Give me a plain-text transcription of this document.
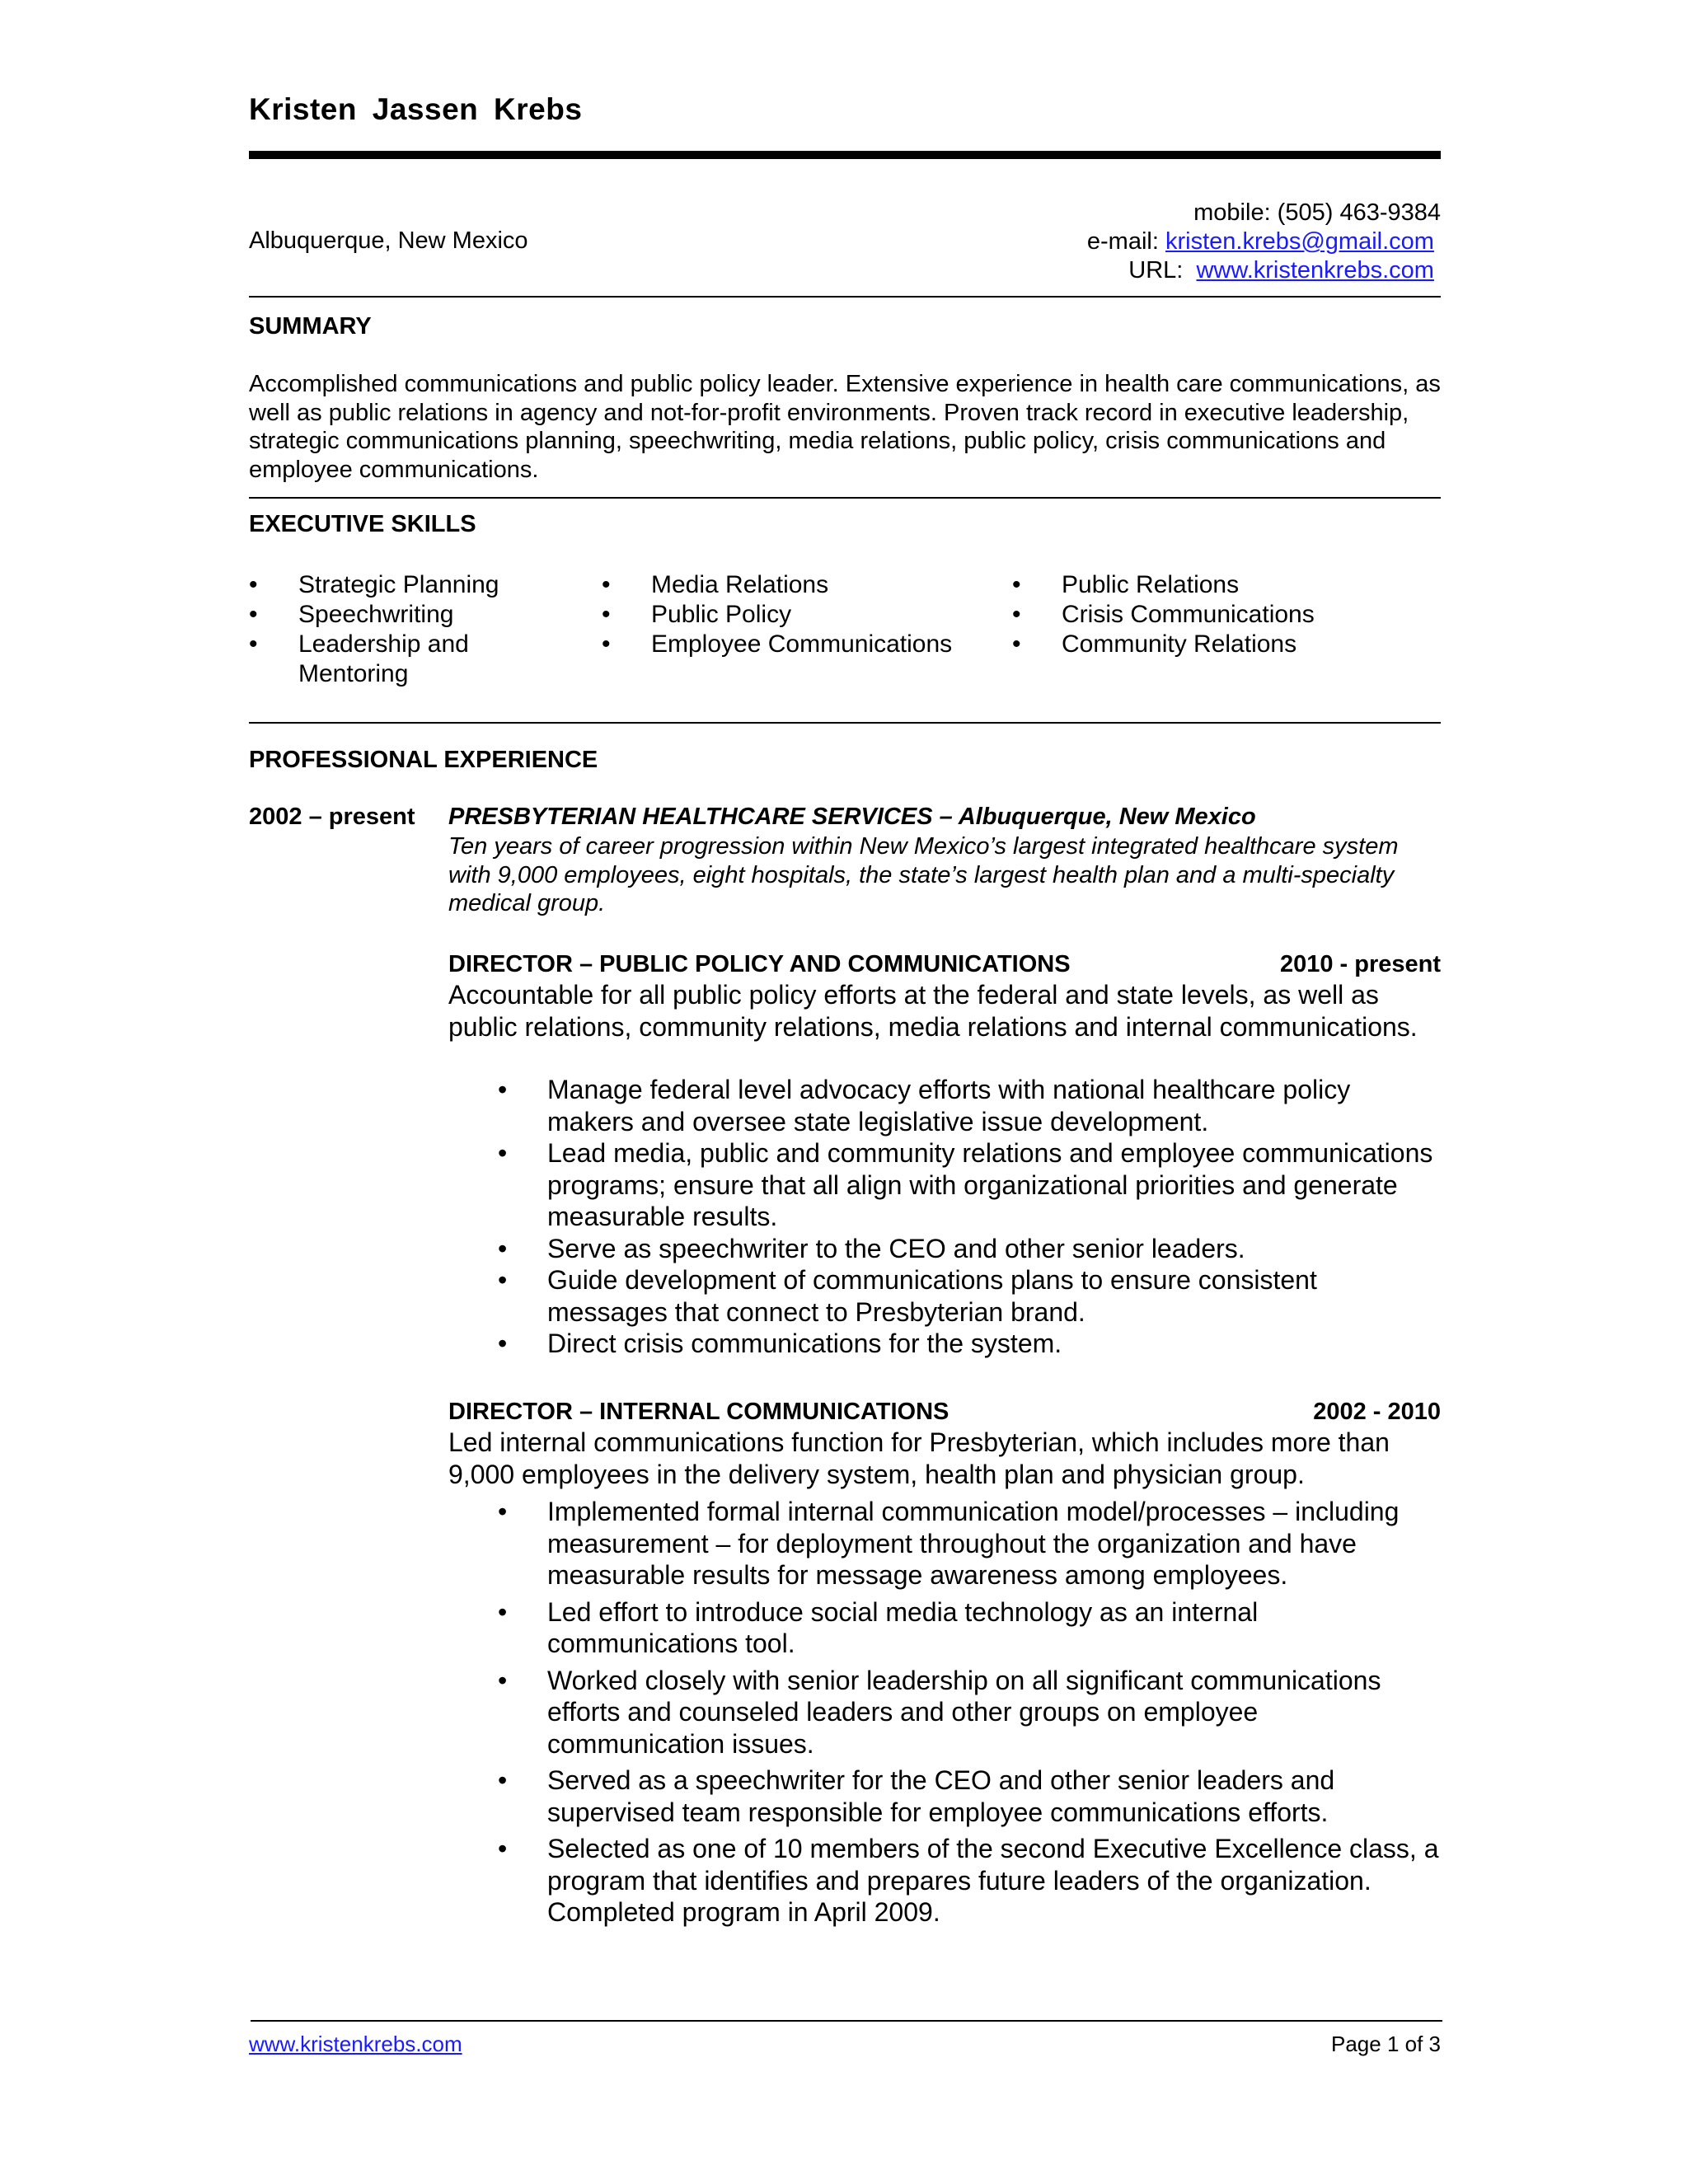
Kristen Jassen Krebs
Albuquerque, New Mexico
mobile: (505) 463-9384
e-mail: kristen.krebs@gmail.com
URL: www.kristenkrebs.com
SUMMARY
Accomplished communications and public policy leader. Extensive experience in health care communications, as well as public relations in agency and not-for-profit environments. Proven track record in executive leadership, strategic communications planning, speechwriting, media relations, public policy, crisis communications and employee communications.
EXECUTIVE SKILLS
• Strategic Planning
• Speechwriting
• Leadership and Mentoring
• Media Relations
• Public Policy
• Employee Communications
• Public Relations
• Crisis Communications
• Community Relations
PROFESSIONAL EXPERIENCE
2002 – present PRESBYTERIAN HEALTHCARE SERVICES – Albuquerque, New Mexico
Ten years of career progression within New Mexico’s largest integrated healthcare system with 9,000 employees, eight hospitals, the state’s largest health plan and a multi-specialty medical group.
DIRECTOR – PUBLIC POLICY AND COMMUNICATIONS	2010 - present
Accountable for all public policy efforts at the federal and state levels, as well as public relations, community relations, media relations and internal communications.
• Manage federal level advocacy efforts with national healthcare policy makers and oversee state legislative issue development.
• Lead media, public and community relations and employee communications programs; ensure that all align with organizational priorities and generate measurable results.
• Serve as speechwriter to the CEO and other senior leaders.
• Guide development of communications plans to ensure consistent messages that connect to Presbyterian brand.
• Direct crisis communications for the system.
DIRECTOR – INTERNAL COMMUNICATIONS	2002 - 2010
Led internal communications function for Presbyterian, which includes more than 9,000 employees in the delivery system, health plan and physician group.
• Implemented formal internal communication model/processes – including measurement – for deployment throughout the organization and have measurable results for message awareness among employees.
• Led effort to introduce social media technology as an internal communications tool.
• Worked closely with senior leadership on all significant communications efforts and counseled leaders and other groups on employee communication issues.
• Served as a speechwriter for the CEO and other senior leaders and supervised team responsible for employee communications efforts.
• Selected as one of 10 members of the second Executive Excellence class, a program that identifies and prepares future leaders of the organization. Completed program in April 2009.
www.kristenkrebs.com	Page 1 of 3
